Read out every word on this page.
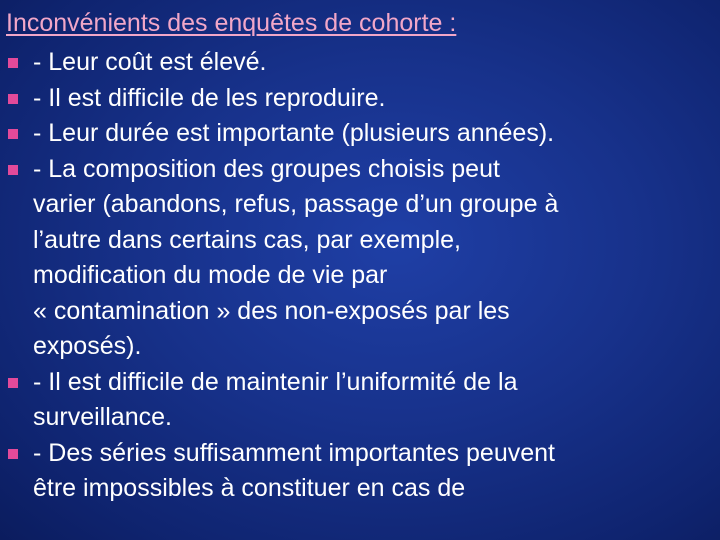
Inconvénients des enquêtes de cohorte :
- Leur coût est élevé.
- Il est difficile de les reproduire.
- Leur durée est importante (plusieurs années).
- La composition des groupes choisis peut
varier (abandons, refus, passage d’un groupe à
l’autre dans certains cas, par exemple,
modification du mode de vie par
« contamination » des non-exposés par les
exposés).
- Il est difficile de maintenir l’uniformité de la
surveillance.
- Des séries suffisamment importantes peuvent
être impossibles à constituer en cas de
